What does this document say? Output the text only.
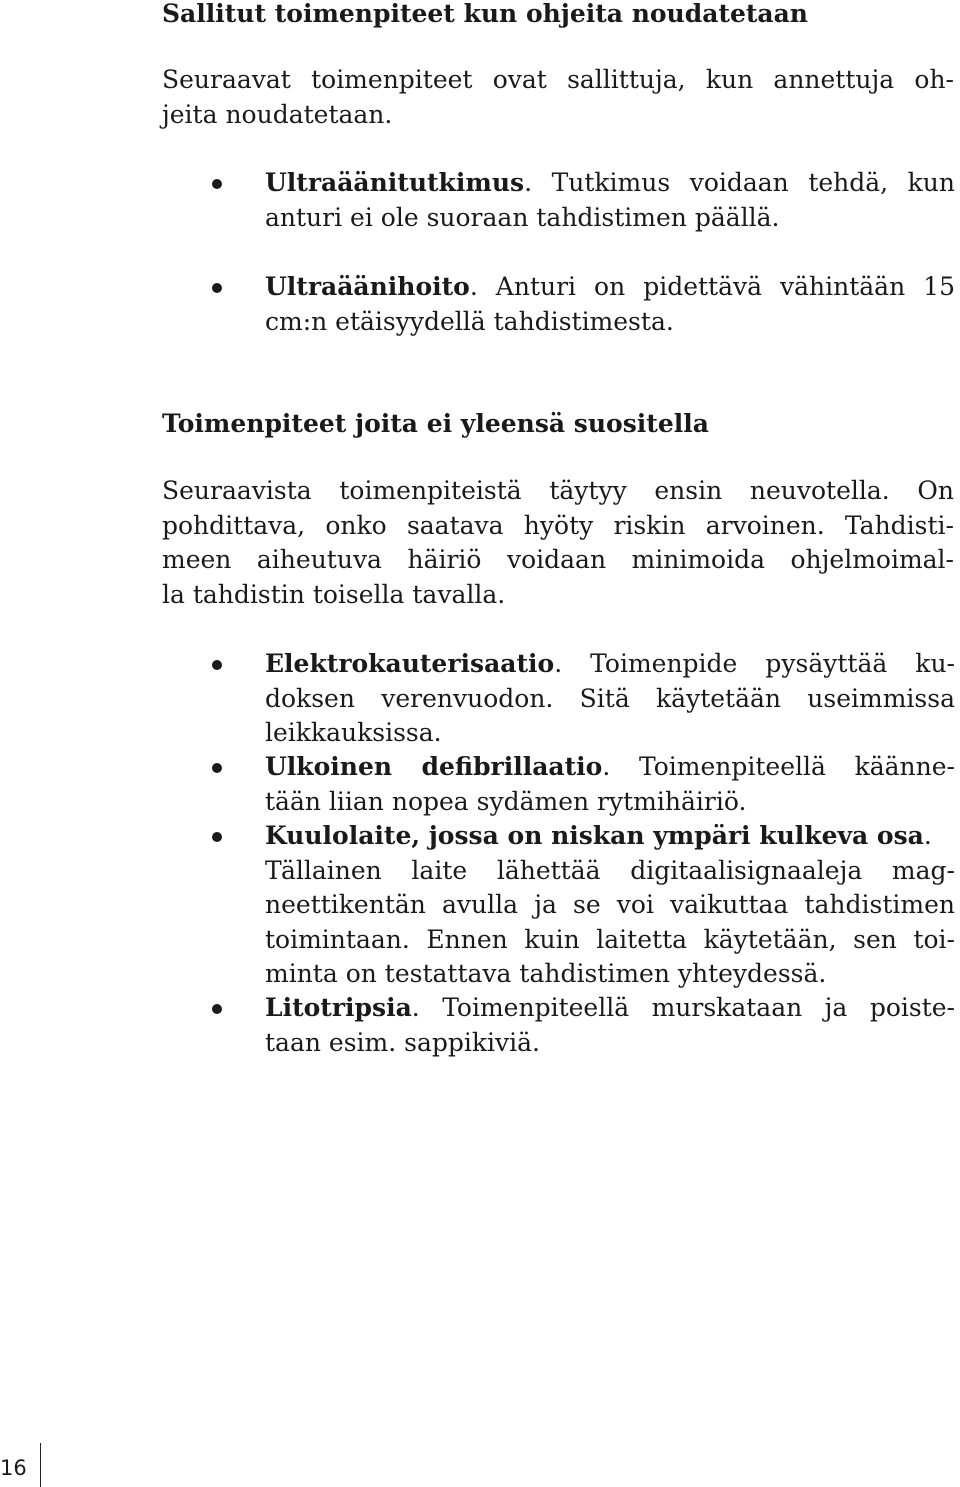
Sallitut toimenpiteet kun ohjeita noudatetaan

Seuraavat toimenpiteet ovat sallittuja, kun annettuja oh-
jeita noudatetaan.

Ultraäänitutkimus. Tutkimus voidaan tehdä, kun
anturi ei ole suoraan tahdistimen päällä.
Ultraäänihoito. Anturi on pidettävä vähintään 15
cm:n etäisyydellä tahdistimesta.
Toimenpiteet joita ei yleensä suositella

Seuraavista toimenpiteistä täytyy ensin neuvotella. On
pohdittava, onko saatava hyöty riskin arvoinen. Tahdisti-
meen aiheutuva häiriö voidaan minimoida ohjelmoimal-
la tahdistin toisella tavalla.

Elektrokauterisaatio. Toimenpide pysäyttää ku-
doksen verenvuodon. Sitä käytetään useimmissa
leikkauksissa.
Ulkoinen defibrillaatio. Toimenpiteellä käänne-
tään liian nopea sydämen rytmihäiriö.
Kuulolaite, jossa on niskan ympäri kulkeva osa.
Tällainen laite lähettää digitaalisignaaleja mag-
neettikentän avulla ja se voi vaikuttaa tahdistimen
toimintaan. Ennen kuin laitetta käytetään, sen toi-
minta on testattava tahdistimen yhteydessä.
Litotripsia. Toimenpiteellä murskataan ja poiste-
taan esim. sappikiviä.
16
